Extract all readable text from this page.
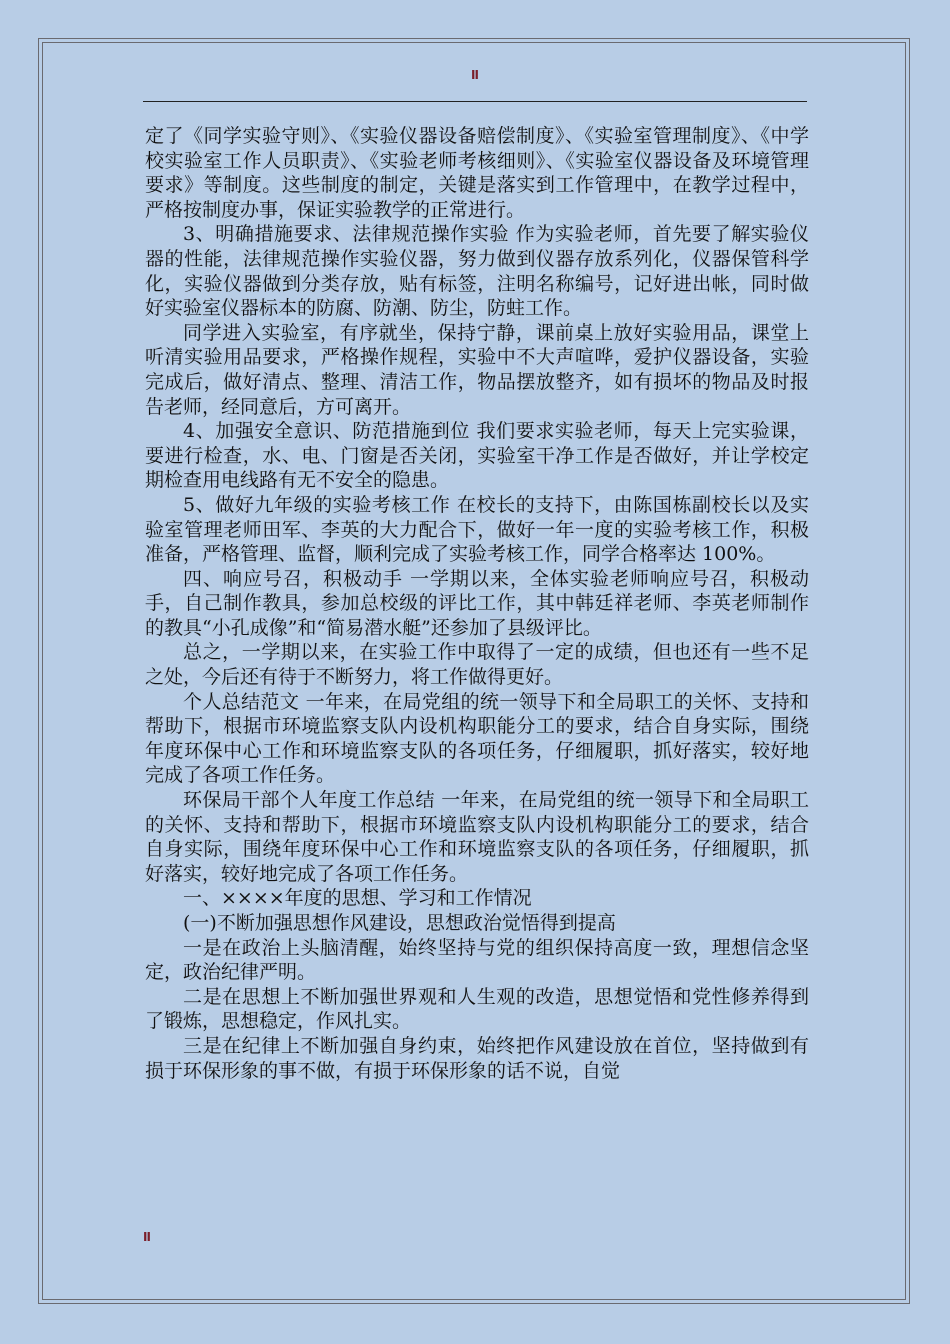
II

定了《同学实验守则》、《实验仪器设备赔偿制度》、《实验室管理制度》、《中学校实验室工作人员职责》、《实验老师考核细则》、《实验室仪器设备及环境管理要求》等制度。这些制度的制定，关键是落实到工作管理中，在教学过程中，严格按制度办事，保证实验教学的正常进行。

3、明确措施要求、法律规范操作实验 作为实验老师，首先要了解实验仪器的性能，法律规范操作实验仪器，努力做到仪器存放系列化，仪器保管科学化，实验仪器做到分类存放，贴有标签，注明名称编号，记好进出帐，同时做好实验室仪器标本的防腐、防潮、防尘，防蛀工作。

同学进入实验室，有序就坐，保持宁静，课前桌上放好实验用品，课堂上听清实验用品要求，严格操作规程，实验中不大声喧哗，爱护仪器设备，实验完成后，做好清点、整理、清洁工作，物品摆放整齐，如有损坏的物品及时报告老师，经同意后，方可离开。

4、加强安全意识、防范措施到位 我们要求实验老师，每天上完实验课，要进行检查，水、电、门窗是否关闭，实验室干净工作是否做好，并让学校定期检查用电线路有无不安全的隐患。

5、做好九年级的实验考核工作 在校长的支持下，由陈国栋副校长以及实验室管理老师田军、李英的大力配合下，做好一年一度的实验考核工作，积极准备，严格管理、监督，顺利完成了实验考核工作，同学合格率达 100%。

四、响应号召，积极动手 一学期以来，全体实验老师响应号召，积极动手，自己制作教具，参加总校级的评比工作，其中韩廷祥老师、李英老师制作的教具“小孔成像”和“简易潜水艇”还参加了县级评比。

总之，一学期以来，在实验工作中取得了一定的成绩，但也还有一些不足之处，今后还有待于不断努力，将工作做得更好。

个人总结范文 一年来，在局党组的统一领导下和全局职工的关怀、支持和帮助下，根据市环境监察支队内设机构职能分工的要求，结合自身实际，围绕年度环保中心工作和环境监察支队的各项任务，仔细履职，抓好落实，较好地完成了各项工作任务。

环保局干部个人年度工作总结 一年来，在局党组的统一领导下和全局职工的关怀、支持和帮助下，根据市环境监察支队内设机构职能分工的要求，结合自身实际，围绕年度环保中心工作和环境监察支队的各项任务，仔细履职，抓好落实，较好地完成了各项工作任务。

一、××××年度的思想、学习和工作情况

(一)不断加强思想作风建设，思想政治觉悟得到提高

一是在政治上头脑清醒，始终坚持与党的组织保持高度一致，理想信念坚定，政治纪律严明。

二是在思想上不断加强世界观和人生观的改造，思想觉悟和党性修养得到了锻炼，思想稳定，作风扎实。

三是在纪律上不断加强自身约束，始终把作风建设放在首位，坚持做到有损于环保形象的事不做，有损于环保形象的话不说，自觉

II
